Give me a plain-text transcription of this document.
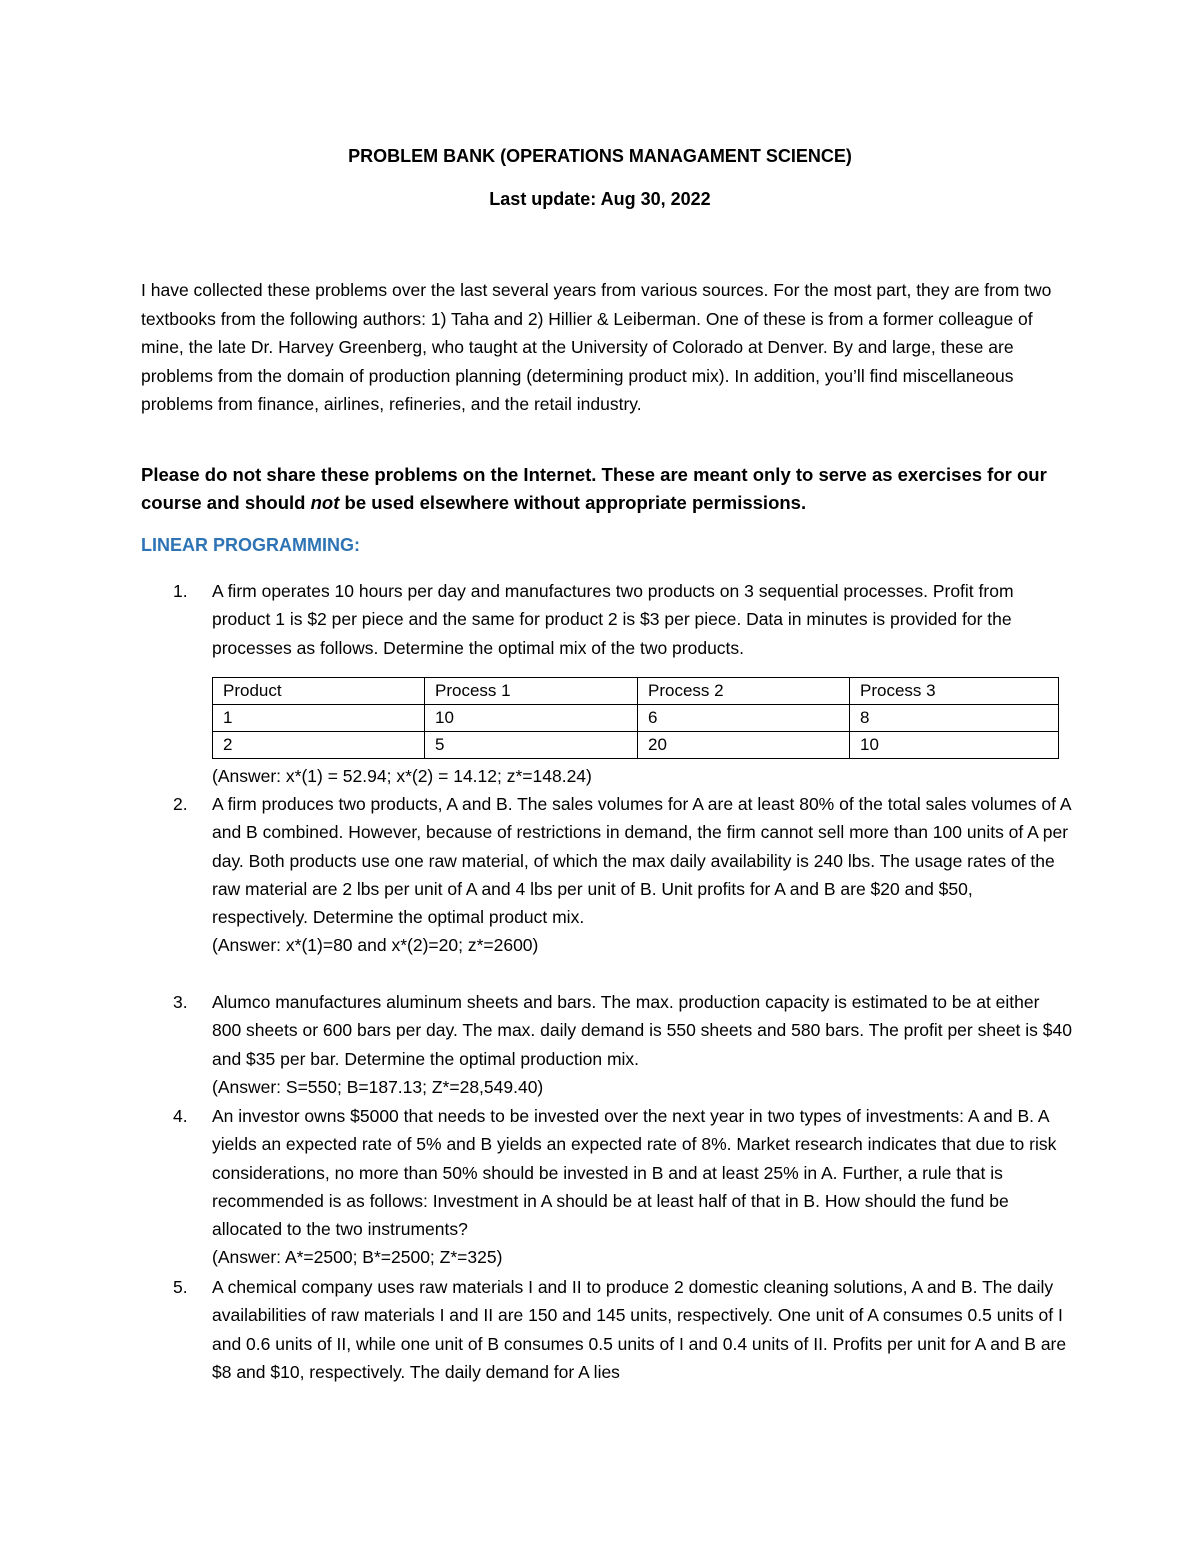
PROBLEM BANK (OPERATIONS MANAGAMENT SCIENCE)
Last update: Aug 30, 2022

I have collected these problems over the last several years from various sources. For the most part, they are from two textbooks from the following authors: 1) Taha and 2) Hillier & Leiberman. One of these is from a former colleague of mine, the late Dr. Harvey Greenberg, who taught at the University of Colorado at Denver. By and large, these are problems from the domain of production planning (determining product mix). In addition, you’ll find miscellaneous problems from finance, airlines, refineries, and the retail industry.

Please do not share these problems on the Internet. These are meant only to serve as exercises for our course and should not be used elsewhere without appropriate permissions.

LINEAR PROGRAMMING:
1. A firm operates 10 hours per day and manufactures two products on 3 sequential processes. Profit from product 1 is $2 per piece and the same for product 2 is $3 per piece. Data in minutes is provided for the processes as follows. Determine the optimal mix of the two products.

Product	Process 1	Process 2	Process 3
1	10	6	8
2	5	20	10

(Answer: x*(1) = 52.94; x*(2) = 14.12; z*=148.24)

2. A firm produces two products, A and B. The sales volumes for A are at least 80% of the total sales volumes of A and B combined. However, because of restrictions in demand, the firm cannot sell more than 100 units of A per day. Both products use one raw material, of which the max daily availability is 240 lbs. The usage rates of the raw material are 2 lbs per unit of A and 4 lbs per unit of B. Unit profits for A and B are $20 and $50, respectively. Determine the optimal product mix.

(Answer: x*(1)=80 and x*(2)=20; z*=2600)

3. Alumco manufactures aluminum sheets and bars. The max. production capacity is estimated to be at either 800 sheets or 600 bars per day. The max. daily demand is 550 sheets and 580 bars. The profit per sheet is $40 and $35 per bar. Determine the optimal production mix.

(Answer: S=550; B=187.13; Z*=28,549.40)

4. An investor owns $5000 that needs to be invested over the next year in two types of investments: A and B. A yields an expected rate of 5% and B yields an expected rate of 8%. Market research indicates that due to risk considerations, no more than 50% should be invested in B and at least 25% in A. Further, a rule that is recommended is as follows: Investment in A should be at least half of that in B. How should the fund be allocated to the two instruments?

(Answer: A*=2500; B*=2500; Z*=325)

5. A chemical company uses raw materials I and II to produce 2 domestic cleaning solutions, A and B. The daily availabilities of raw materials I and II are 150 and 145 units, respectively. One unit of A consumes 0.5 units of I and 0.6 units of II, while one unit of B consumes 0.5 units of I and 0.4 units of II. Profits per unit for A and B are $8 and $10, respectively. The daily demand for A lies
